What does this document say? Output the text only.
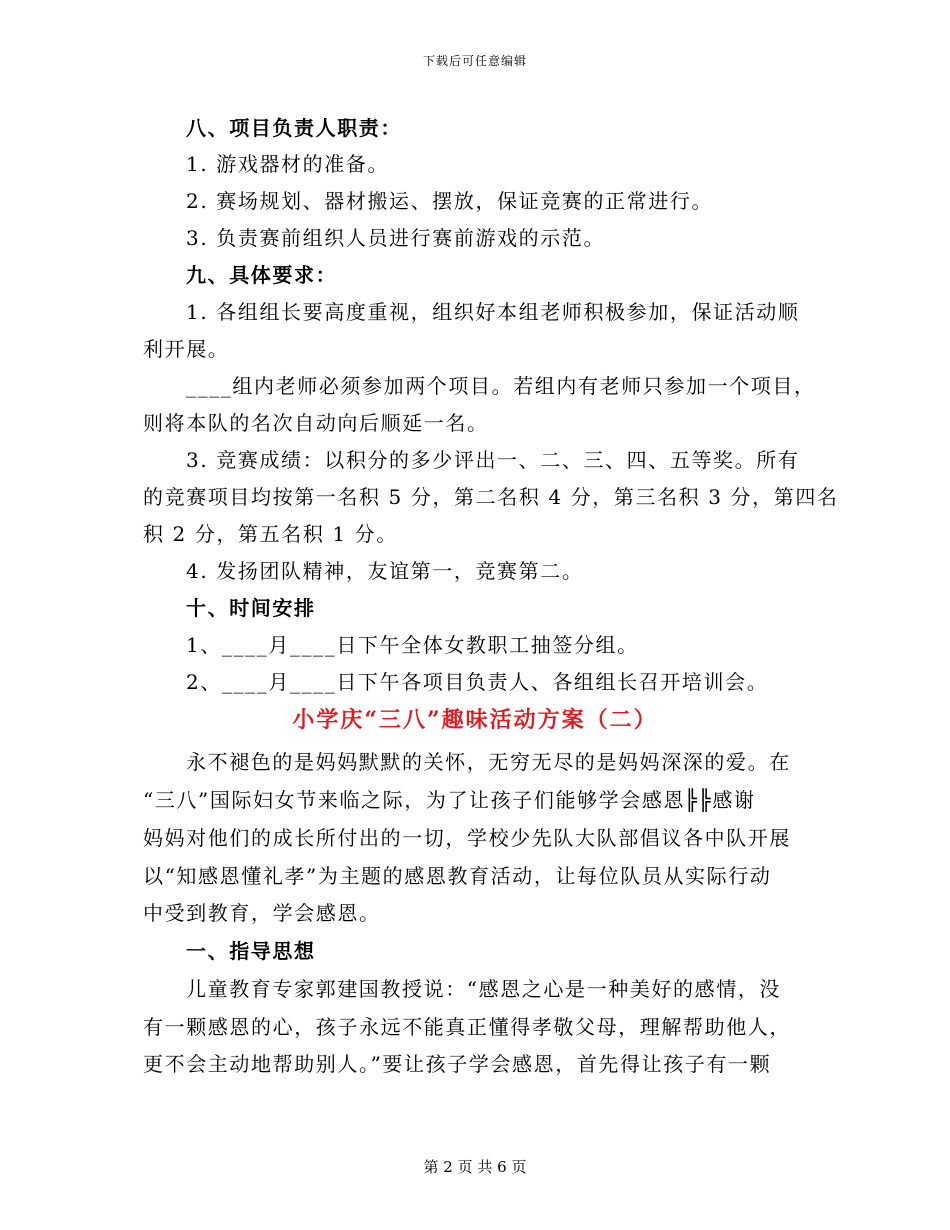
下载后可任意编辑
八、项目负责人职责：
1. 游戏器材的准备。
2. 赛场规划、器材搬运、摆放，保证竞赛的正常进行。
3. 负责赛前组织人员进行赛前游戏的示范。
九、具体要求：
1. 各组组长要高度重视，组织好本组老师积极参加，保证活动顺
利开展。
____组内老师必须参加两个项目。若组内有老师只参加一个项目，
则将本队的名次自动向后顺延一名。
3. 竞赛成绩：以积分的多少评出一、二、三、四、五等奖。所有
的竞赛项目均按第一名积 5 分，第二名积 4 分，第三名积 3 分，第四名
积 2 分，第五名积 1 分。
4. 发扬团队精神，友谊第一，竞赛第二。
十、时间安排
1、____月____日下午全体女教职工抽签分组。
2、____月____日下午各项目负责人、各组组长召开培训会。
小学庆“三八”趣味活动方案（二）
永不褪色的是妈妈默默的关怀，无穷无尽的是妈妈深深的爱。在
“三八”国际妇女节来临之际，为了让孩子们能够学会感恩╠╠感谢
妈妈对他们的成长所付出的一切，学校少先队大队部倡议各中队开展
以“知感恩懂礼孝”为主题的感恩教育活动，让每位队员从实际行动
中受到教育，学会感恩。
一、指导思想
儿童教育专家郭建国教授说：“感恩之心是一种美好的感情，没
有一颗感恩的心，孩子永远不能真正懂得孝敬父母，理解帮助他人，
更不会主动地帮助别人。”要让孩子学会感恩，首先得让孩子有一颗
第 2 页 共 6 页
